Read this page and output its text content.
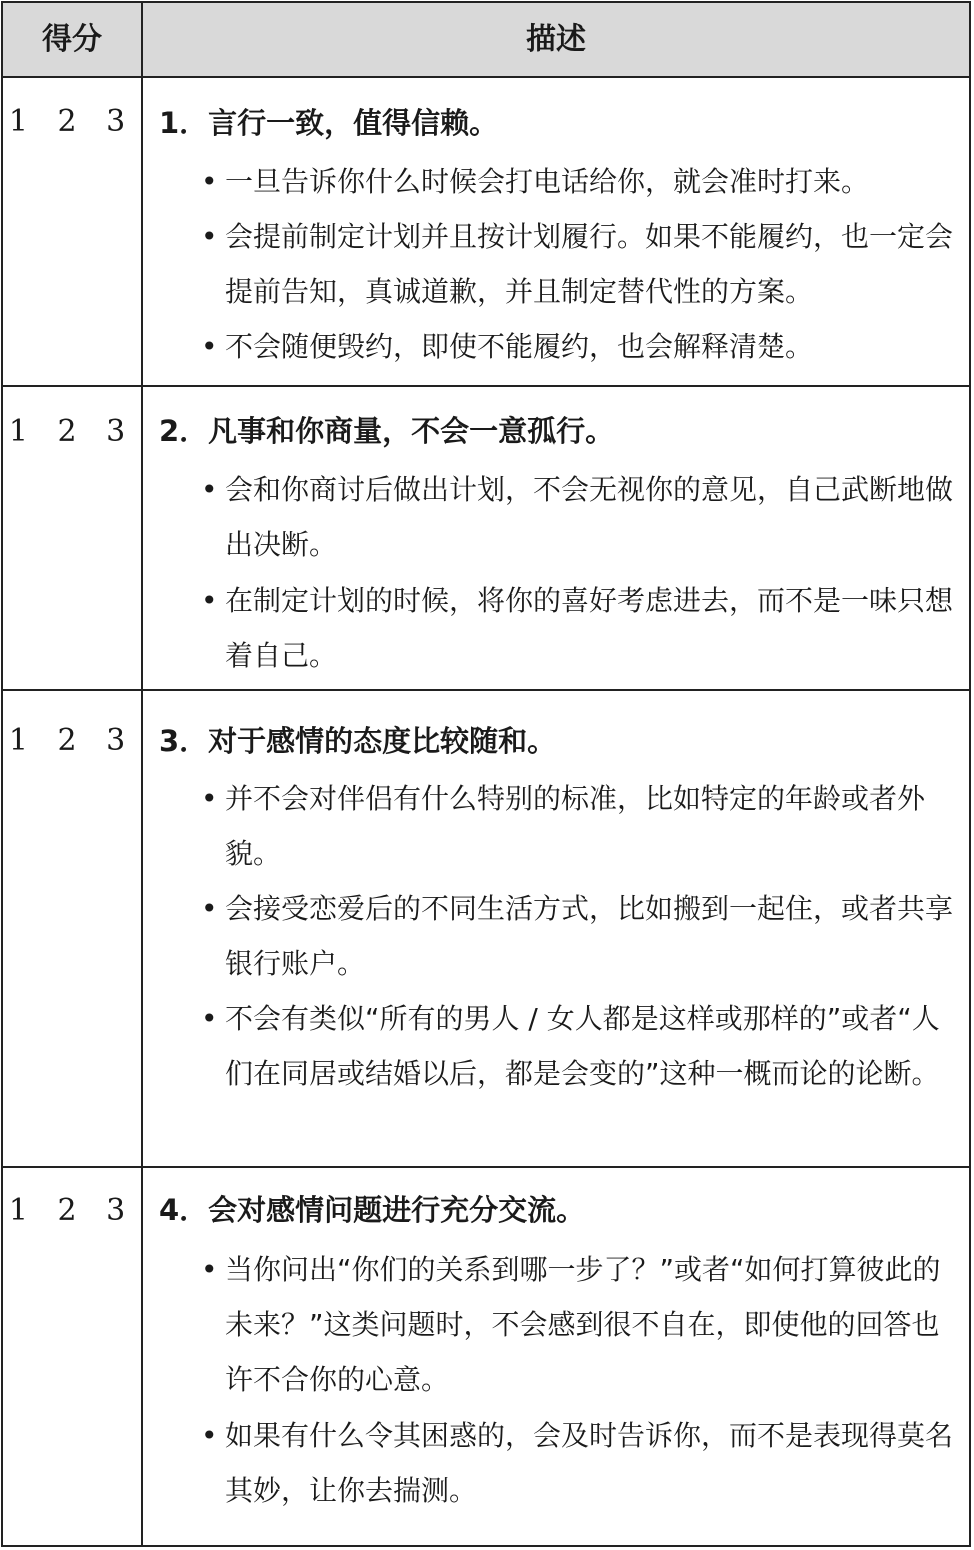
得分	描述
1 2 3 1．言行一致，值得信赖。
• 一旦告诉你什么时候会打电话给你，就会准时打来。
• 会提前制定计划并且按计划履行。如果不能履约，也一定会提前告知，真诚道歉，并且制定替代性的方案。
• 不会随便毁约，即使不能履约，也会解释清楚。
1 2 3 2．凡事和你商量，不会一意孤行。
• 会和你商讨后做出计划，不会无视你的意见，自己武断地做出决断。
• 在制定计划的时候，将你的喜好考虑进去，而不是一味只想着自己。
1 2 3 3．对于感情的态度比较随和。
• 并不会对伴侣有什么特别的标准，比如特定的年龄或者外貌。
• 会接受恋爱后的不同生活方式，比如搬到一起住，或者共享银行账户。
• 不会有类似“所有的男人 / 女人都是这样或那样的”或者“人们在同居或结婚以后，都是会变的”这种一概而论的论断。
1 2 3 4．会对感情问题进行充分交流。
• 当你问出“你们的关系到哪一步了？”或者“如何打算彼此的未来？”这类问题时，不会感到很不自在，即使他的回答也许不合你的心意。
• 如果有什么令其困惑的，会及时告诉你，而不是表现得莫名其妙，让你去揣测。
